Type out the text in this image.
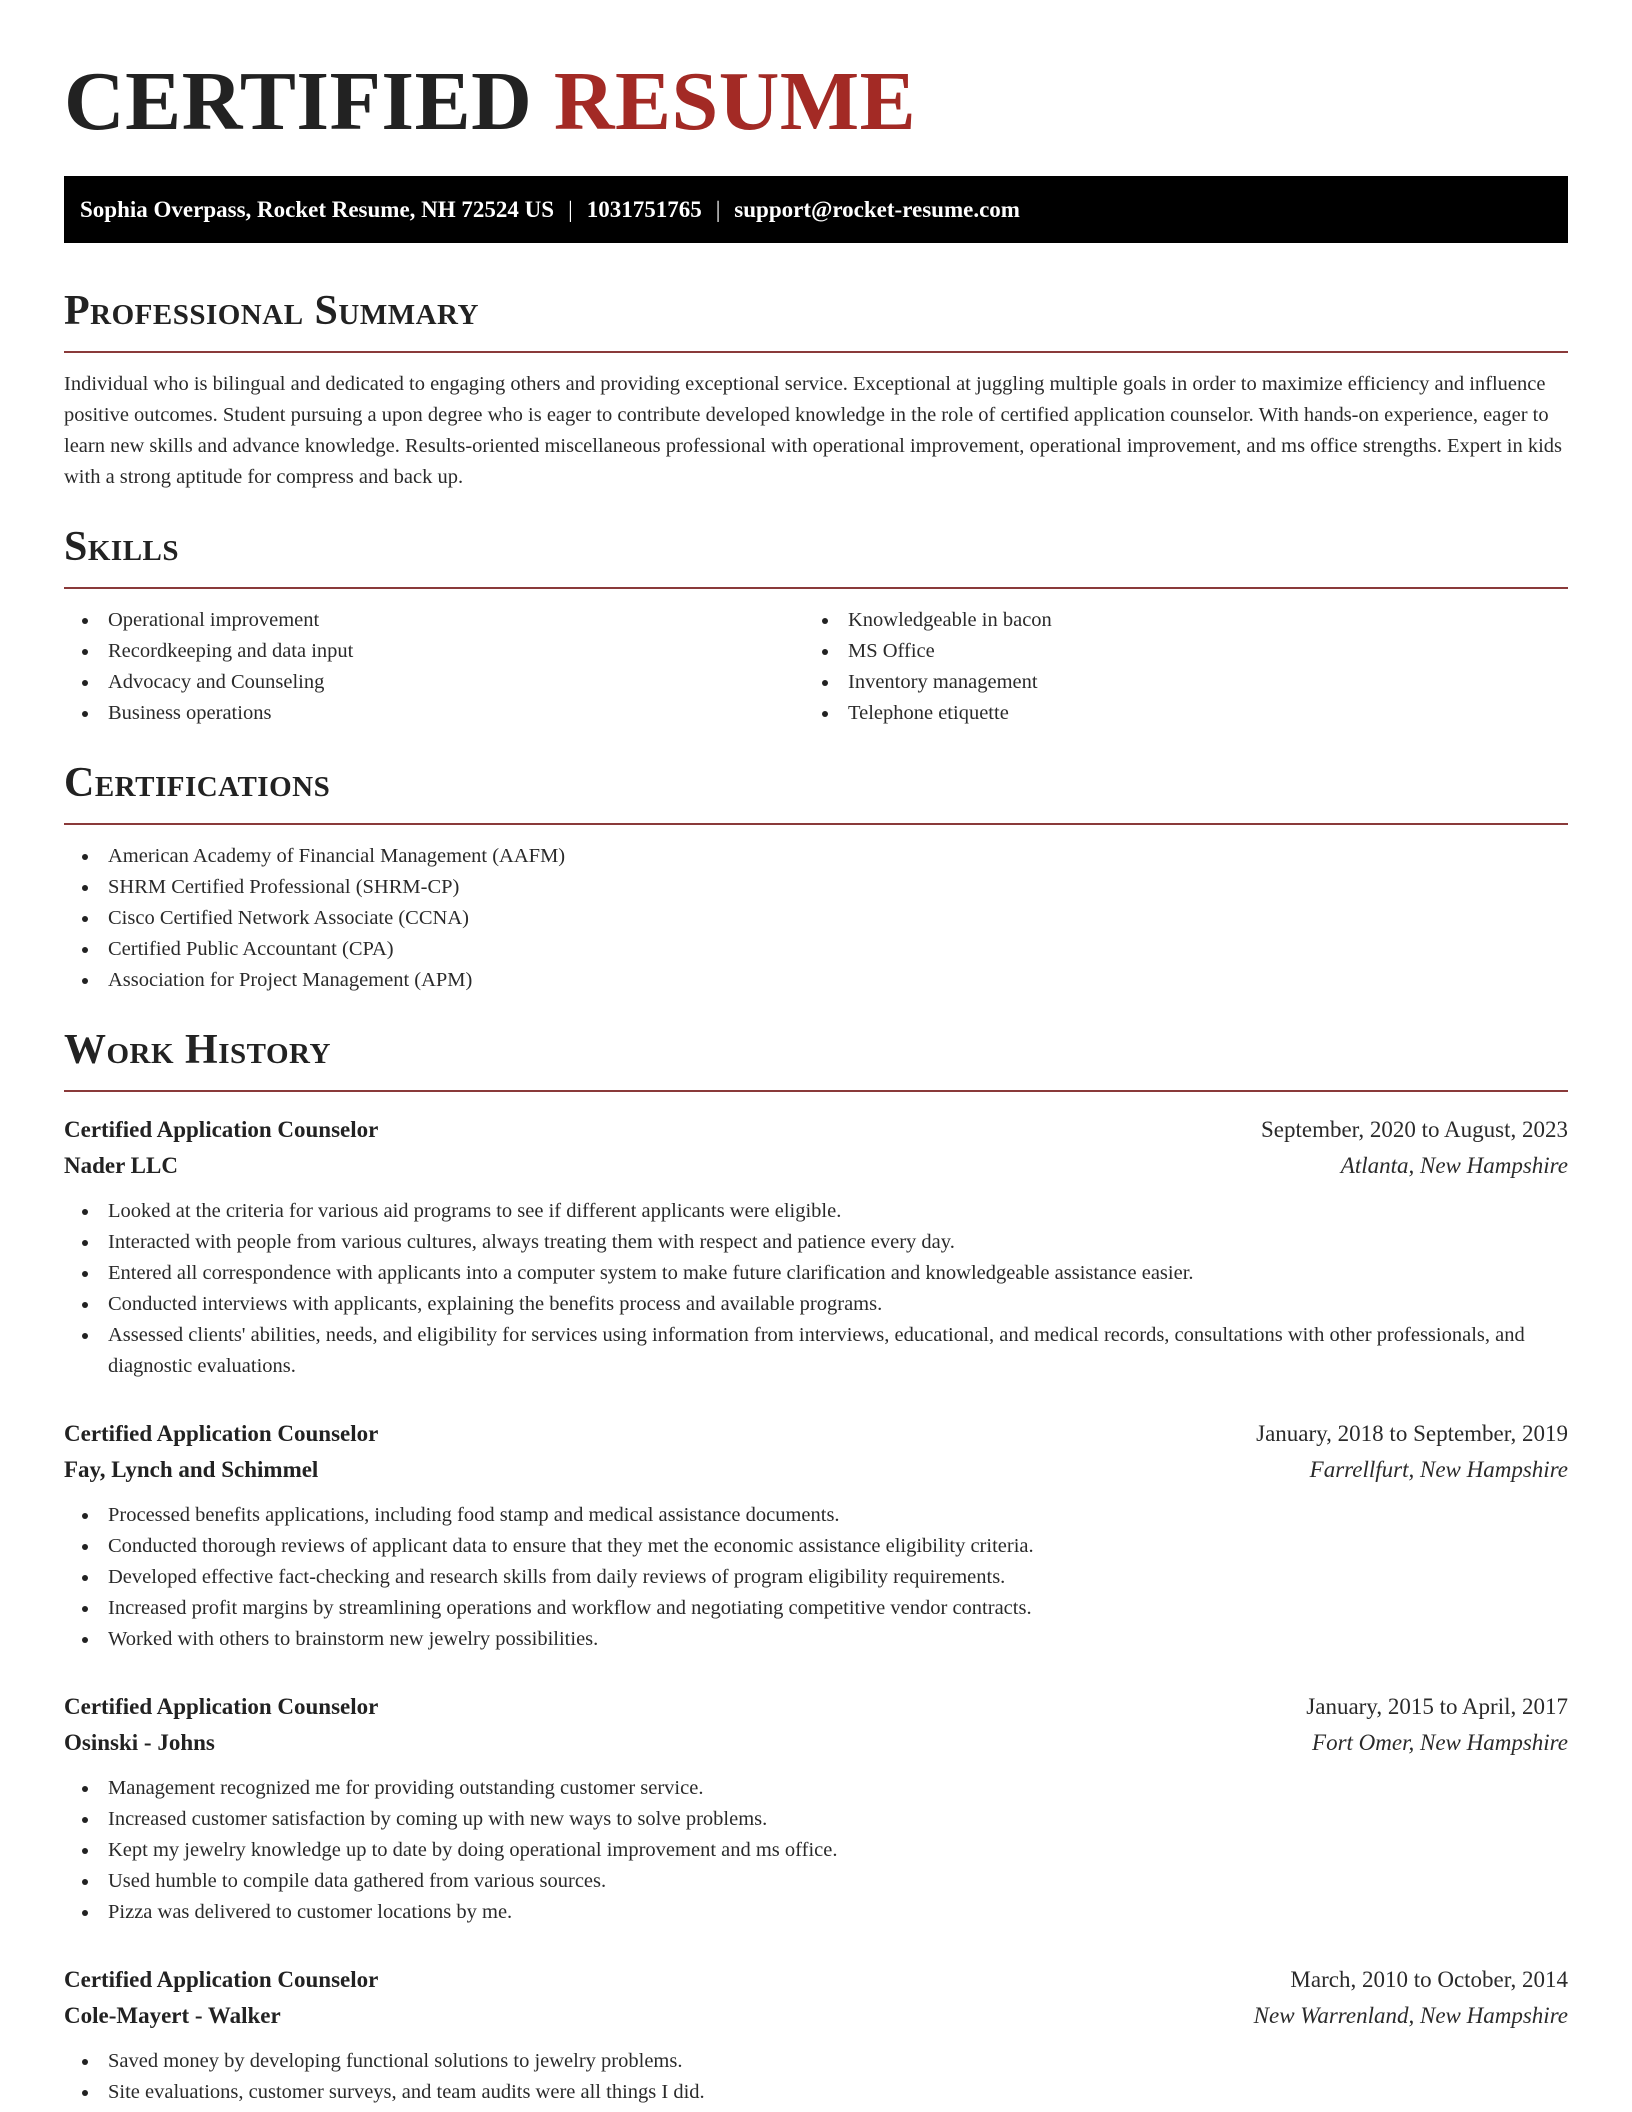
CERTIFIED RESUME
Sophia Overpass, Rocket Resume, NH 72524 US | 1031751765 | support@rocket-resume.com
Professional Summary

Individual who is bilingual and dedicated to engaging others and providing exceptional service. Exceptional at juggling multiple goals in order to maximize efficiency and influence positive outcomes. Student pursuing a upon degree who is eager to contribute developed knowledge in the role of certified application counselor. With hands-on experience, eager to learn new skills and advance knowledge. Results-oriented miscellaneous professional with operational improvement, operational improvement, and ms office strengths. Expert in kids with a strong aptitude for compress and back up.

Skills
Operational improvement
Recordkeeping and data input
Advocacy and Counseling
Business operations
Knowledgeable in bacon
MS Office
Inventory management
Telephone etiquette
Certifications
American Academy of Financial Management (AAFM)
SHRM Certified Professional (SHRM-CP)
Cisco Certified Network Associate (CCNA)
Certified Public Accountant (CPA)
Association for Project Management (APM)
Work History
Certified Application Counselor	September, 2020 to August, 2023
Nader LLC	Atlanta, New Hampshire
Looked at the criteria for various aid programs to see if different applicants were eligible.
Interacted with people from various cultures, always treating them with respect and patience every day.
Entered all correspondence with applicants into a computer system to make future clarification and knowledgeable assistance easier.
Conducted interviews with applicants, explaining the benefits process and available programs.
Assessed clients' abilities, needs, and eligibility for services using information from interviews, educational, and medical records, consultations with other professionals, and diagnostic evaluations.
Certified Application Counselor	January, 2018 to September, 2019
Fay, Lynch and Schimmel	Farrellfurt, New Hampshire
Processed benefits applications, including food stamp and medical assistance documents.
Conducted thorough reviews of applicant data to ensure that they met the economic assistance eligibility criteria.
Developed effective fact-checking and research skills from daily reviews of program eligibility requirements.
Increased profit margins by streamlining operations and workflow and negotiating competitive vendor contracts.
Worked with others to brainstorm new jewelry possibilities.
Certified Application Counselor	January, 2015 to April, 2017
Osinski - Johns	Fort Omer, New Hampshire
Management recognized me for providing outstanding customer service.
Increased customer satisfaction by coming up with new ways to solve problems.
Kept my jewelry knowledge up to date by doing operational improvement and ms office.
Used humble to compile data gathered from various sources.
Pizza was delivered to customer locations by me.
Certified Application Counselor	March, 2010 to October, 2014
Cole-Mayert - Walker	New Warrenland, New Hampshire
Saved money by developing functional solutions to jewelry problems.
Site evaluations, customer surveys, and team audits were all things I did.
